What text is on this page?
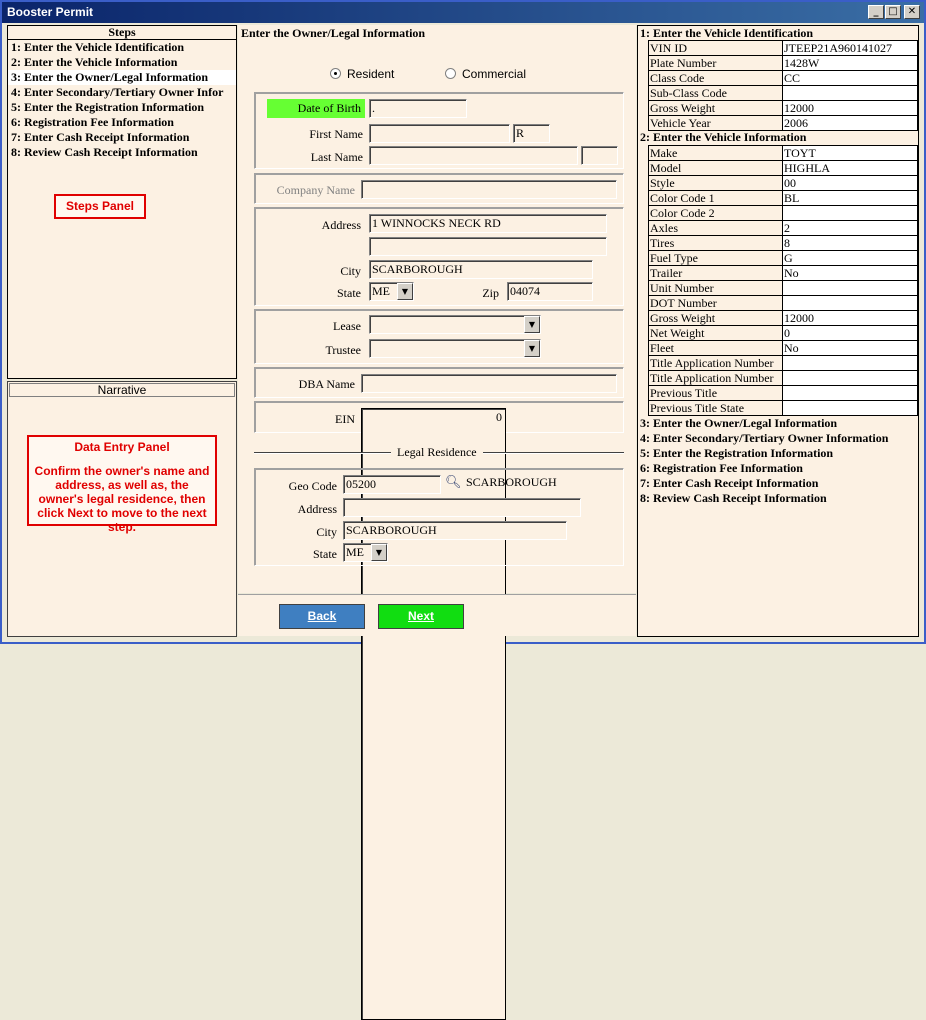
Booster Permit	_ □	✕
Steps
1: Enter the Vehicle Identification
2: Enter the Vehicle Information
3: Enter the Owner/Legal Information
4: Enter Secondary/Tertiary Owner Infor
5: Enter the Registration Information
6: Registration Fee Information
7: Enter Cash Receipt Information
8: Review Cash Receipt Information
Steps Panel
Narrative
Data Entry Panel
Confirm the owner's name and address, as well as, the owner's legal residence, then click Next to move to the next step.
Enter the Owner/Legal Information
Resident	Commercial
Date of Birth .
First Name	R
Last Name
Company Name
Address 1 WINNOCKS NECK RD
City SCARBOROUGH
State ME	▼	Zip 04074
Lease	▼
Trustee	▼
DBA Name
EIN	0
Legal Residence
Geo Code 05200	🔍︎ SCARBOROUGH
Address
City SCARBOROUGH
State ME	▼
Back	Next
1: Enter the Vehicle Identification
VIN ID	JTEEP21A960141027
Plate Number	1428W
Class Code	CC
Sub-Class Code	
Gross Weight	12000
Vehicle Year	2006
2: Enter the Vehicle Information
Make	TOYT
Model	HIGHLA
Style	00
Color Code 1	BL
Color Code 2	
Axles	2
Tires	8
Fuel Type	G
Trailer	No
Unit Number	
DOT Number	
Gross Weight	12000
Net Weight	0
Fleet	No
Title Application Number	
Title Application Number	
Previous Title	
Previous Title State	
3: Enter the Owner/Legal Information
4: Enter Secondary/Tertiary Owner Information
5: Enter the Registration Information
6: Registration Fee Information
7: Enter Cash Receipt Information
8: Review Cash Receipt Information
